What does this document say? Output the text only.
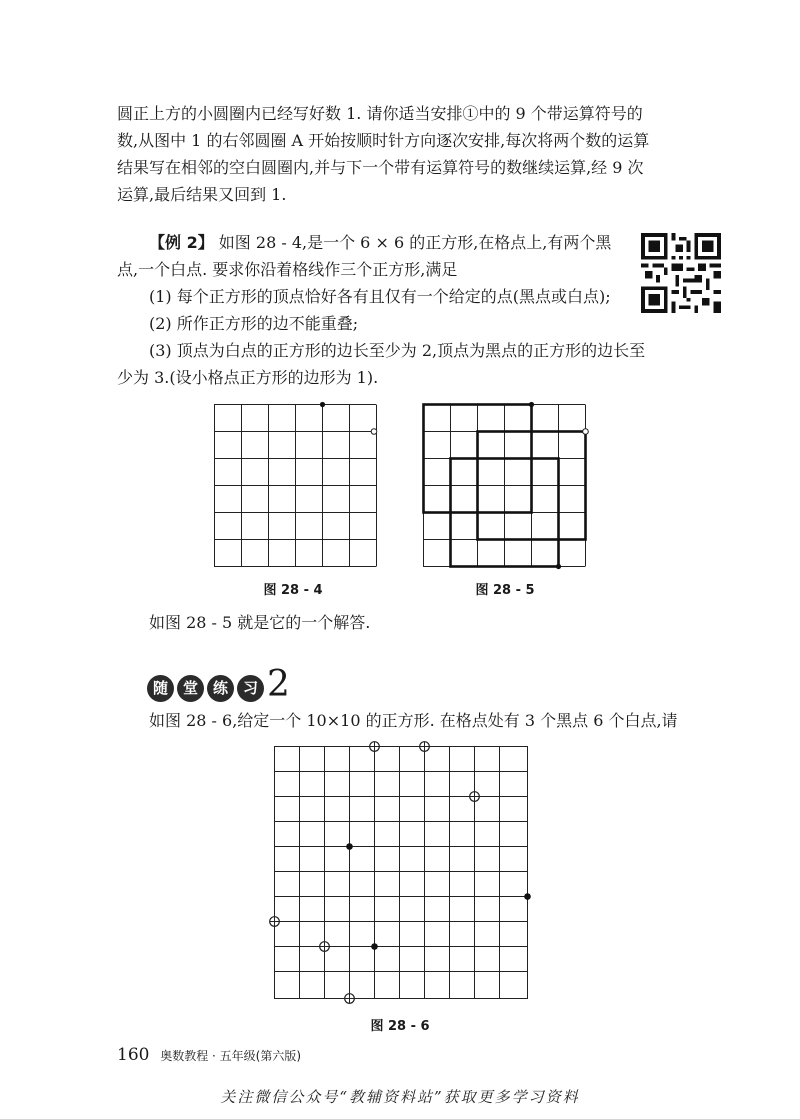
圆正上方的小圆圈内已经写好数 1. 请你适当安排①中的 9 个带运算符号的
数,从图中 1 的右邻圆圈 A 开始按顺时针方向逐次安排,每次将两个数的运算
结果写在相邻的空白圆圈内,并与下一个带有运算符号的数继续运算,经 9 次
运算,最后结果又回到 1.
【例 2】 如图 28 - 4,是一个 6 × 6 的正方形,在格点上,有两个黑
点,一个白点. 要求你沿着格线作三个正方形,满足
(1) 每个正方形的顶点恰好各有且仅有一个给定的点(黑点或白点);
(2) 所作正方形的边不能重叠;
(3) 顶点为白点的正方形的边长至少为 2,顶点为黑点的正方形的边长至
少为 3.(设小格点正方形的边形为 1).
图 28 - 4	图 28 - 5
如图 28 - 5 就是它的一个解答.
随 堂 练 习 2
如图 28 - 6,给定一个 10×10 的正方形. 在格点处有 3 个黑点 6 个白点,请
图 28 - 6
160 奥数教程 · 五年级(第六版)
关注微信公众号“教辅资料站”获取更多学习资料
